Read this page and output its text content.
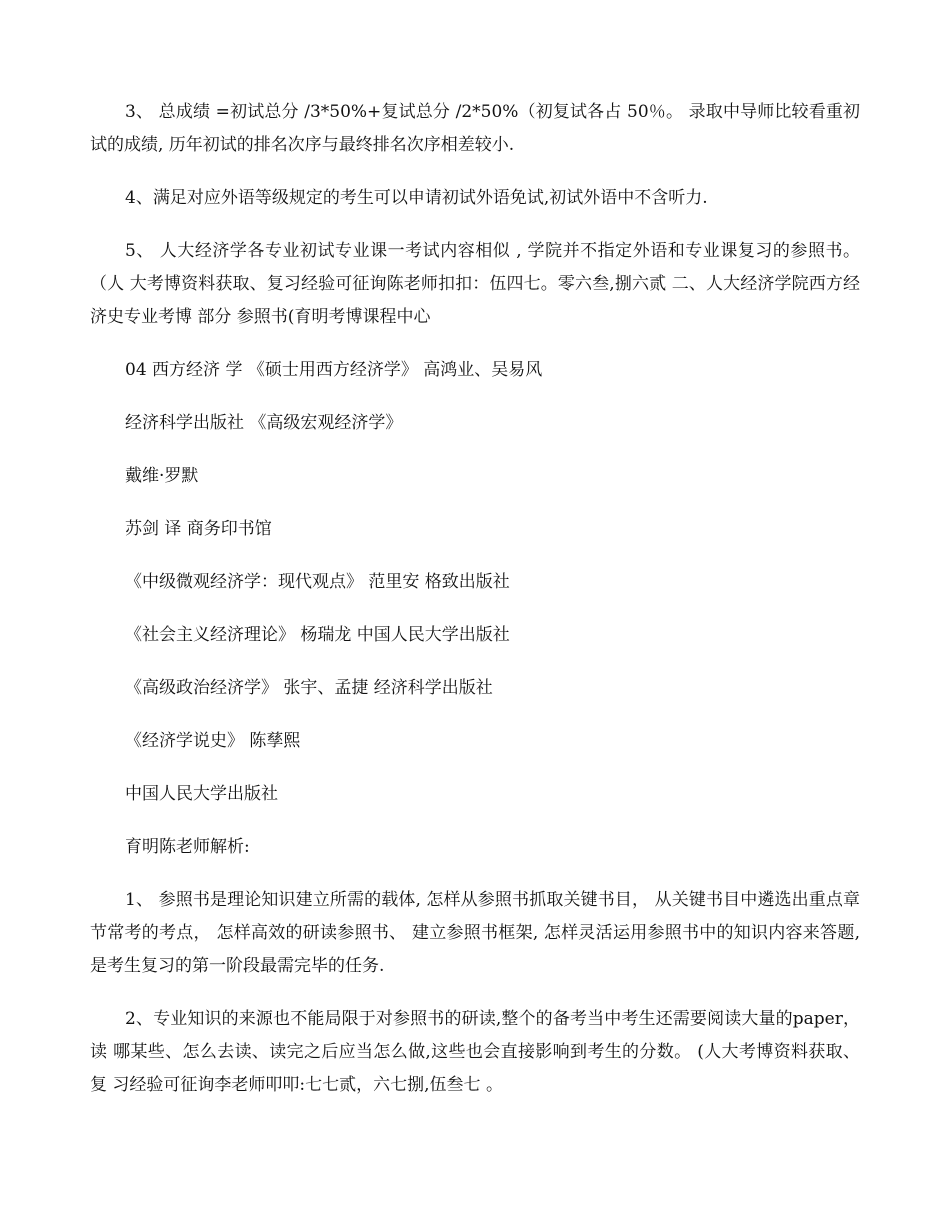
3、 总成绩 =初试总分 /3*50%+复试总分 /2*50%（初复试各占 50％。 录取中导师比较看重初试的成绩, 历年初试的排名次序与最终排名次序相差较小.

4、满足对应外语等级规定的考生可以申请初试外语免试,初试外语中不含听力.

5、 人大经济学各专业初试专业课一考试内容相似 , 学院并不指定外语和专业课复习的参照书。 （人 大考博资料获取、复习经验可征询陈老师扣扣：伍四七。零六叁,捌六贰 二、人大经济学院西方经济史专业考博 部分 参照书(育明考博课程中心

04 西方经济 学 《硕士用西方经济学》 高鸿业、吴易风

经济科学出版社 《高级宏观经济学》

戴维·罗默

苏剑 译 商务印书馆

《中级微观经济学：现代观点》 范里安 格致出版社

《社会主义经济理论》 杨瑞龙 中国人民大学出版社

《高级政治经济学》 张宇、孟捷 经济科学出版社

《经济学说史》 陈孳熙

中国人民大学出版社

育明陈老师解析:

1、 参照书是理论知识建立所需的载体, 怎样从参照书抓取关键书目， 从关键书目中遴选出重点章 节常考的考点， 怎样高效的研读参照书、 建立参照书框架, 怎样灵活运用参照书中的知识内容来答题, 是考生复习的第一阶段最需完毕的任务.

2、专业知识的来源也不能局限于对参照书的研读,整个的备考当中考生还需要阅读大量的paper，读 哪某些、怎么去读、读完之后应当怎么做,这些也会直接影响到考生的分数。 (人大考博资料获取、复 习经验可征询李老师叩叩:七七贰，六七捌,伍叁七 。
